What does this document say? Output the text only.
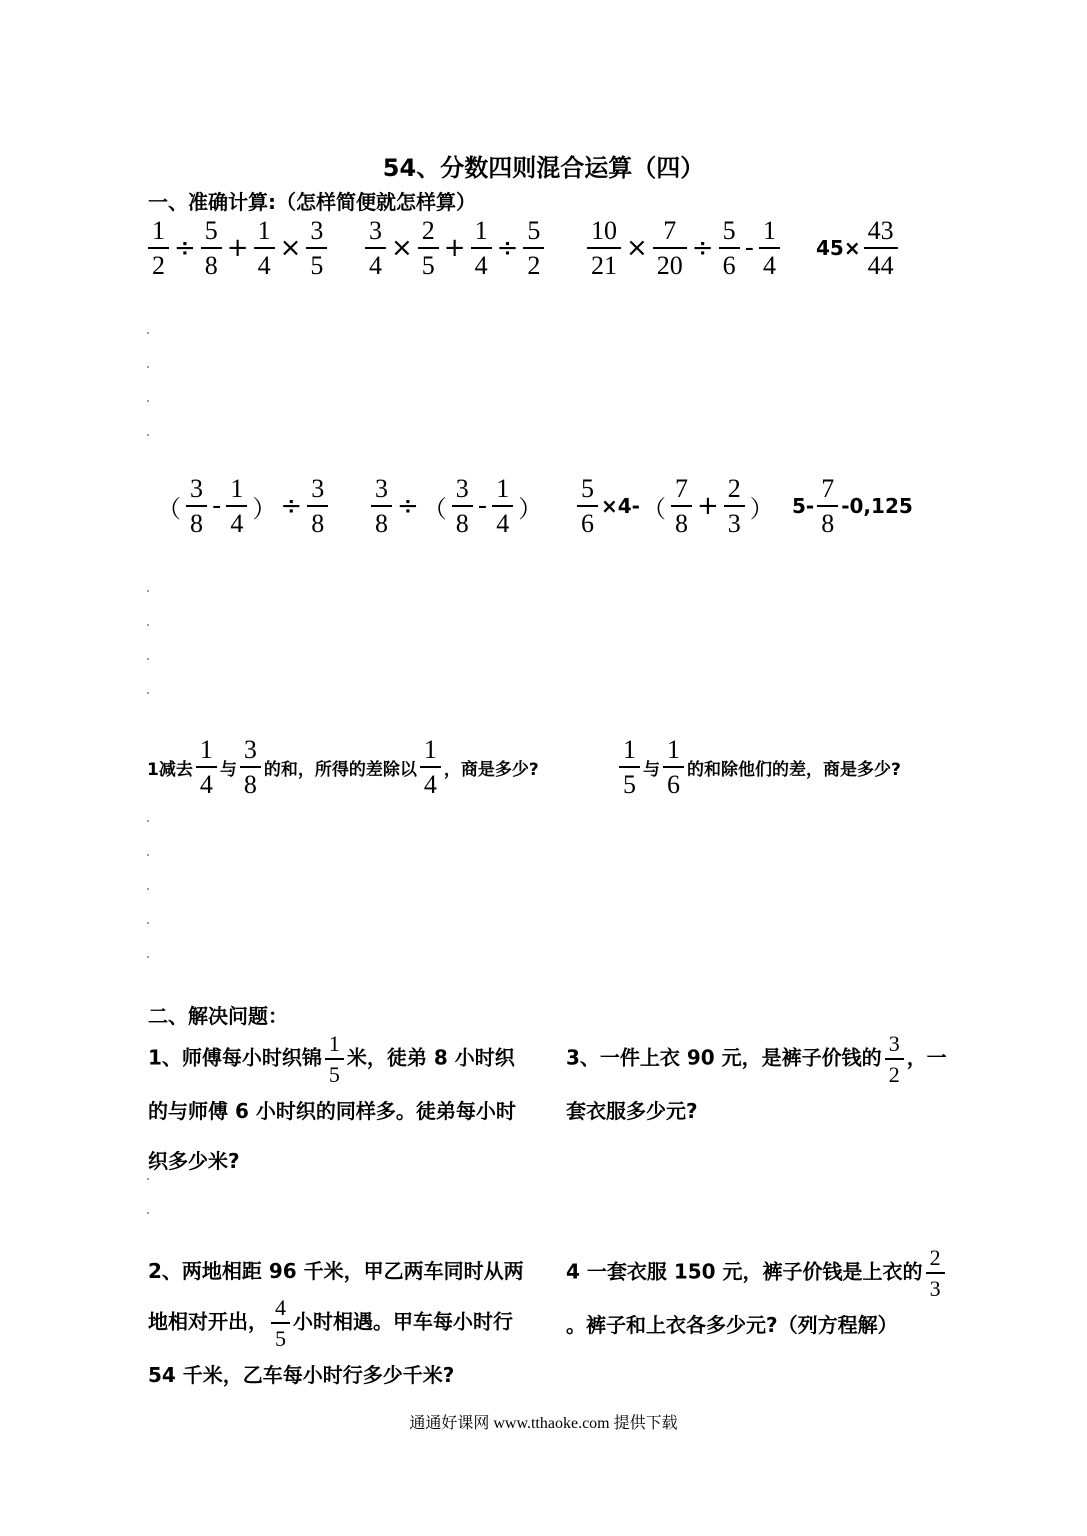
54、分数四则混合运算（四）
一、准确计算:（怎样简便就怎样算）
$\frac{1}{2} \div \frac{5}{8} + \frac{1}{4} \times \frac{3}{5} \frac{3}{4} \times \frac{2}{5} + \frac{1}{4} \div \frac{5}{2} \frac{10}{21} \times \frac{7}{20} \div \frac{5}{6} - \frac{1}{4} 45\times \frac{43}{44}$
（ $\frac{3}{8} - \frac{1}{4}$ ） ÷ $\frac{3}{8} \frac{3}{8}$ ÷ （ $\frac{3}{8} - \frac{1}{4}$ ） $\frac{5}{6} \times 4-$ （ $\frac{7}{8} + \frac{2}{3}$ ） $5- \frac{7}{8} -0,125$
1减去 $\frac{1}{4}$ 与 $\frac{3}{8}$ 的和，所得的差除以 $\frac{1}{4}$ ，商是多少?	$\frac{1}{5}$ 与 $\frac{1}{6}$ 的和除他们的差，商是多少?
二、解决问题：
1、师傅每小时织锦 $\frac{1}{5}$ 米，徒弟 8 小时织的与师傅 6 小时织的同样多。徒弟每小时织多少米?
3、一件上衣 90 元，是裤子价钱的 $\frac{3}{2}$ ，一套衣服多少元?
2、两地相距 96 千米，甲乙两车同时从两地相对开出， $\frac{4}{5}$ 小时相遇。甲车每小时行 54 千米，乙车每小时行多少千米?
4 一套衣服 150 元，裤子价钱是上衣的 $\frac{2}{3}$
。裤子和上衣各多少元?（列方程解）
通通好课网 www.tthaoke.com 提供下载
